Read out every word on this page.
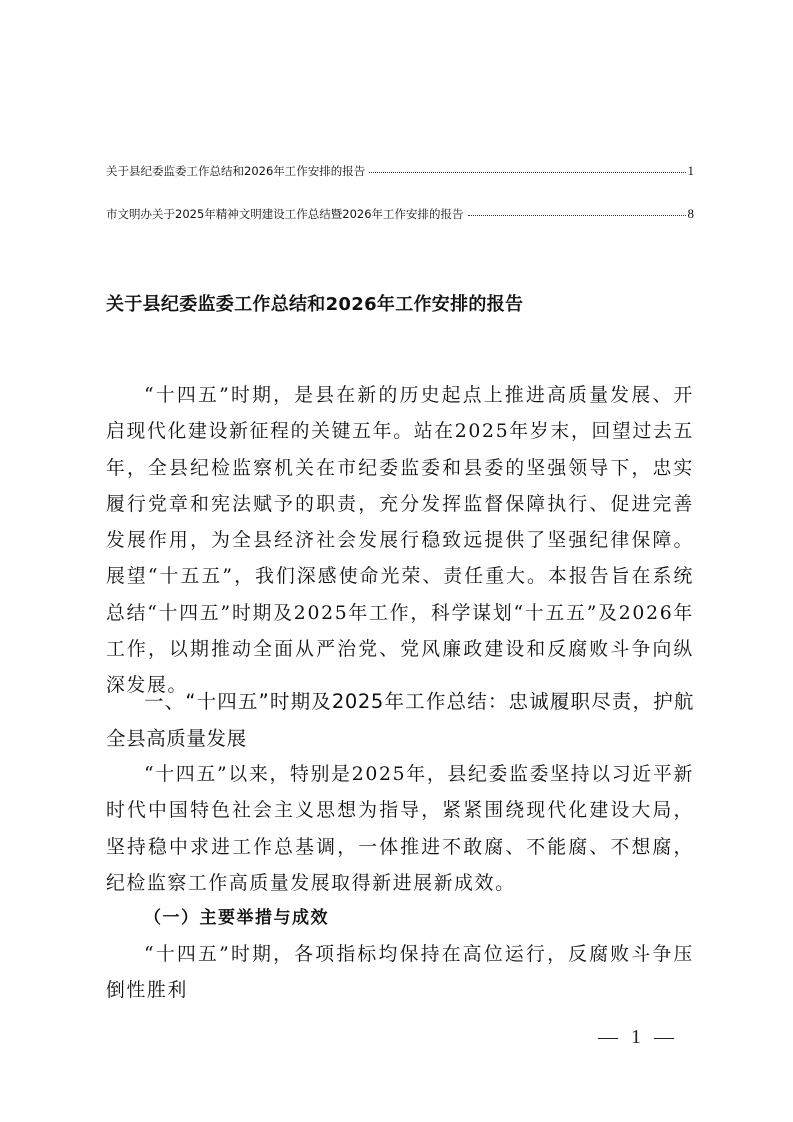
关于县纪委监委工作总结和2026年工作安排的报告	1
市文明办关于2025年精神文明建设工作总结暨2026年工作安排的报告	8
关于县纪委监委工作总结和2026年工作安排的报告
“十四五”时期，是县在新的历史起点上推进高质量发展、开启现代化建设新征程的关键五年。站在2025年岁末，回望过去五年，全县纪检监察机关在市纪委监委和县委的坚强领导下，忠实履行党章和宪法赋予的职责，充分发挥监督保障执行、促进完善发展作用，为全县经济社会发展行稳致远提供了坚强纪律保障。展望“十五五”，我们深感使命光荣、责任重大。本报告旨在系统总结“十四五”时期及2025年工作，科学谋划“十五五”及2026年工作，以期推动全面从严治党、党风廉政建设和反腐败斗争向纵深发展。
一、“十四五”时期及2025年工作总结：忠诚履职尽责，护航全县高质量发展
“十四五”以来，特别是2025年，县纪委监委坚持以习近平新时代中国特色社会主义思想为指导，紧紧围绕现代化建设大局，坚持稳中求进工作总基调，一体推进不敢腐、不能腐、不想腐，纪检监察工作高质量发展取得新进展新成效。
（一）主要举措与成效
“十四五”时期，各项指标均保持在高位运行，反腐败斗争压倒性胜利
— 1 —
